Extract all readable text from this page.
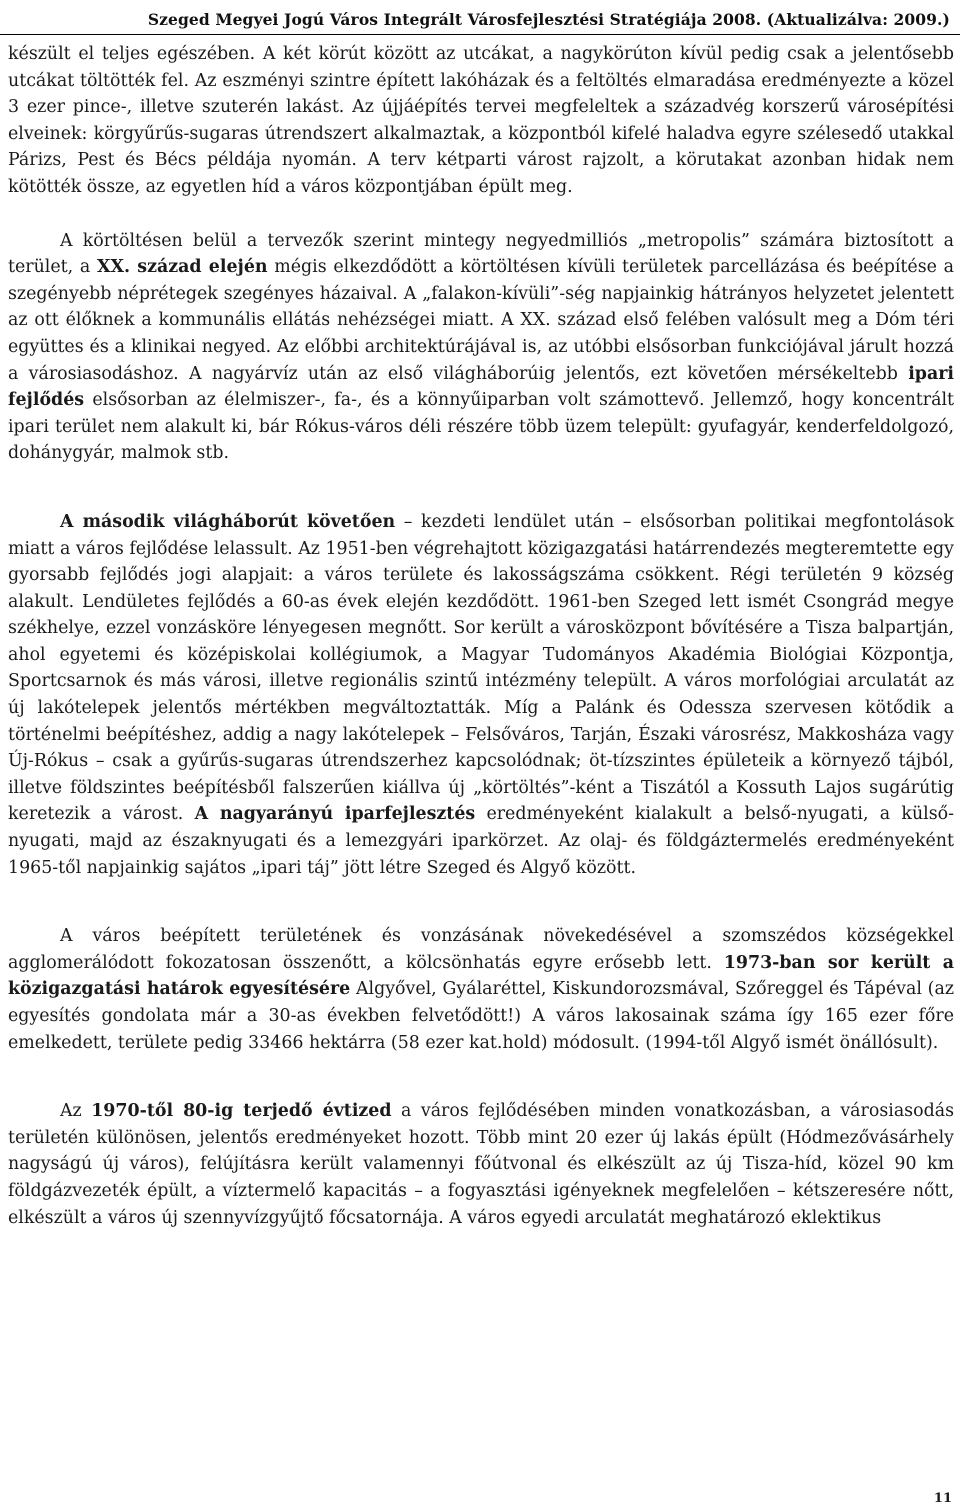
Szeged Megyei Jogú Város Integrált Városfejlesztési Stratégiája 2008. (Aktualizálva: 2009.)

készült el teljes egészében. A két körút között az utcákat, a nagykörúton kívül pedig csak a jelentősebb utcákat töltötték fel. Az eszményi szintre épített lakóházak és a feltöltés elmaradása eredményezte a közel 3 ezer pince-, illetve szuterén lakást. Az újjáépítés tervei megfeleltek a századvég korszerű városépítési elveinek: körgyűrűs-sugaras útrendszert alkalmaztak, a központból kifelé haladva egyre szélesedő utakkal Párizs, Pest és Bécs példája nyomán. A terv kétparti várost rajzolt, a körutakat azonban hidak nem kötötték össze, az egyetlen híd a város központjában épült meg.

A körtöltésen belül a tervezők szerint mintegy negyedmilliós „metropolis” számára biztosított a terület, a XX. század elején mégis elkezdődött a körtöltésen kívüli területek parcellázása és beépítése a szegényebb néprétegek szegényes házaival. A „falakon-kívüli”-ség napjainkig hátrányos helyzetet jelentett az ott élőknek a kommunális ellátás nehézségei miatt. A XX. század első felében valósult meg a Dóm téri együttes és a klinikai negyed. Az előbbi architektúrájával is, az utóbbi elsősorban funkciójával járult hozzá a városiasodáshoz. A nagyárvíz után az első világháborúig jelentős, ezt követően mérsékeltebb ipari fejlődés elsősorban az élelmiszer-, fa-, és a könnyűiparban volt számottevő. Jellemző, hogy koncentrált ipari terület nem alakult ki, bár Rókus-város déli részére több üzem települt: gyufagyár, kenderfeldolgozó, dohánygyár, malmok stb.

A második világháborút követően – kezdeti lendület után – elsősorban politikai megfontolások miatt a város fejlődése lelassult. Az 1951-ben végrehajtott közigazgatási határrendezés megteremtette egy gyorsabb fejlődés jogi alapjait: a város területe és lakosságszáma csökkent. Régi területén 9 község alakult. Lendületes fejlődés a 60-as évek elején kezdődött. 1961-ben Szeged lett ismét Csongrád megye székhelye, ezzel vonzásköre lényegesen megnőtt. Sor került a városközpont bővítésére a Tisza balpartján, ahol egyetemi és középiskolai kollégiumok, a Magyar Tudományos Akadémia Biológiai Központja, Sportcsarnok és más városi, illetve regionális szintű intézmény települt. A város morfológiai arculatát az új lakótelepek jelentős mértékben megváltoztatták. Míg a Palánk és Odessza szervesen kötődik a történelmi beépítéshez, addig a nagy lakótelepek – Felsőváros, Tarján, Északi városrész, Makkosháza vagy Új-Rókus – csak a gyűrűs-sugaras útrendszerhez kapcsolódnak; öt-tízszintes épületeik a környező tájból, illetve földszintes beépítésből falszerűen kiállva új „körtöltés”-ként a Tiszától a Kossuth Lajos sugárútig keretezik a várost. A nagyarányú iparfejlesztés eredményeként kialakult a belső-nyugati, a külső-nyugati, majd az északnyugati és a lemezgyári iparkörzet. Az olaj- és földgáztermelés eredményeként 1965-től napjainkig sajátos „ipari táj” jött létre Szeged és Algyő között.

A város beépített területének és vonzásának növekedésével a szomszédos községekkel agglomerálódott fokozatosan összenőtt, a kölcsönhatás egyre erősebb lett. 1973-ban sor került a közigazgatási határok egyesítésére Algyővel, Gyálaréttel, Kiskundorozsmával, Szőreggel és Tápéval (az egyesítés gondolata már a 30-as években felvetődött!) A város lakosainak száma így 165 ezer főre emelkedett, területe pedig 33466 hektárra (58 ezer kat.hold) módosult. (1994-től Algyő ismét önállósult).

Az 1970-től 80-ig terjedő évtized a város fejlődésében minden vonatkozásban, a városiasodás területén különösen, jelentős eredményeket hozott. Több mint 20 ezer új lakás épült (Hódmezővásárhely nagyságú új város), felújításra került valamennyi főútvonal és elkészült az új Tisza-híd, közel 90 km földgázvezeték épült, a víztermelő kapacitás – a fogyasztási igényeknek megfelelően – kétszeresére nőtt, elkészült a város új szennyvízgyűjtő főcsatornája. A város egyedi arculatát meghatározó eklektikus

11
